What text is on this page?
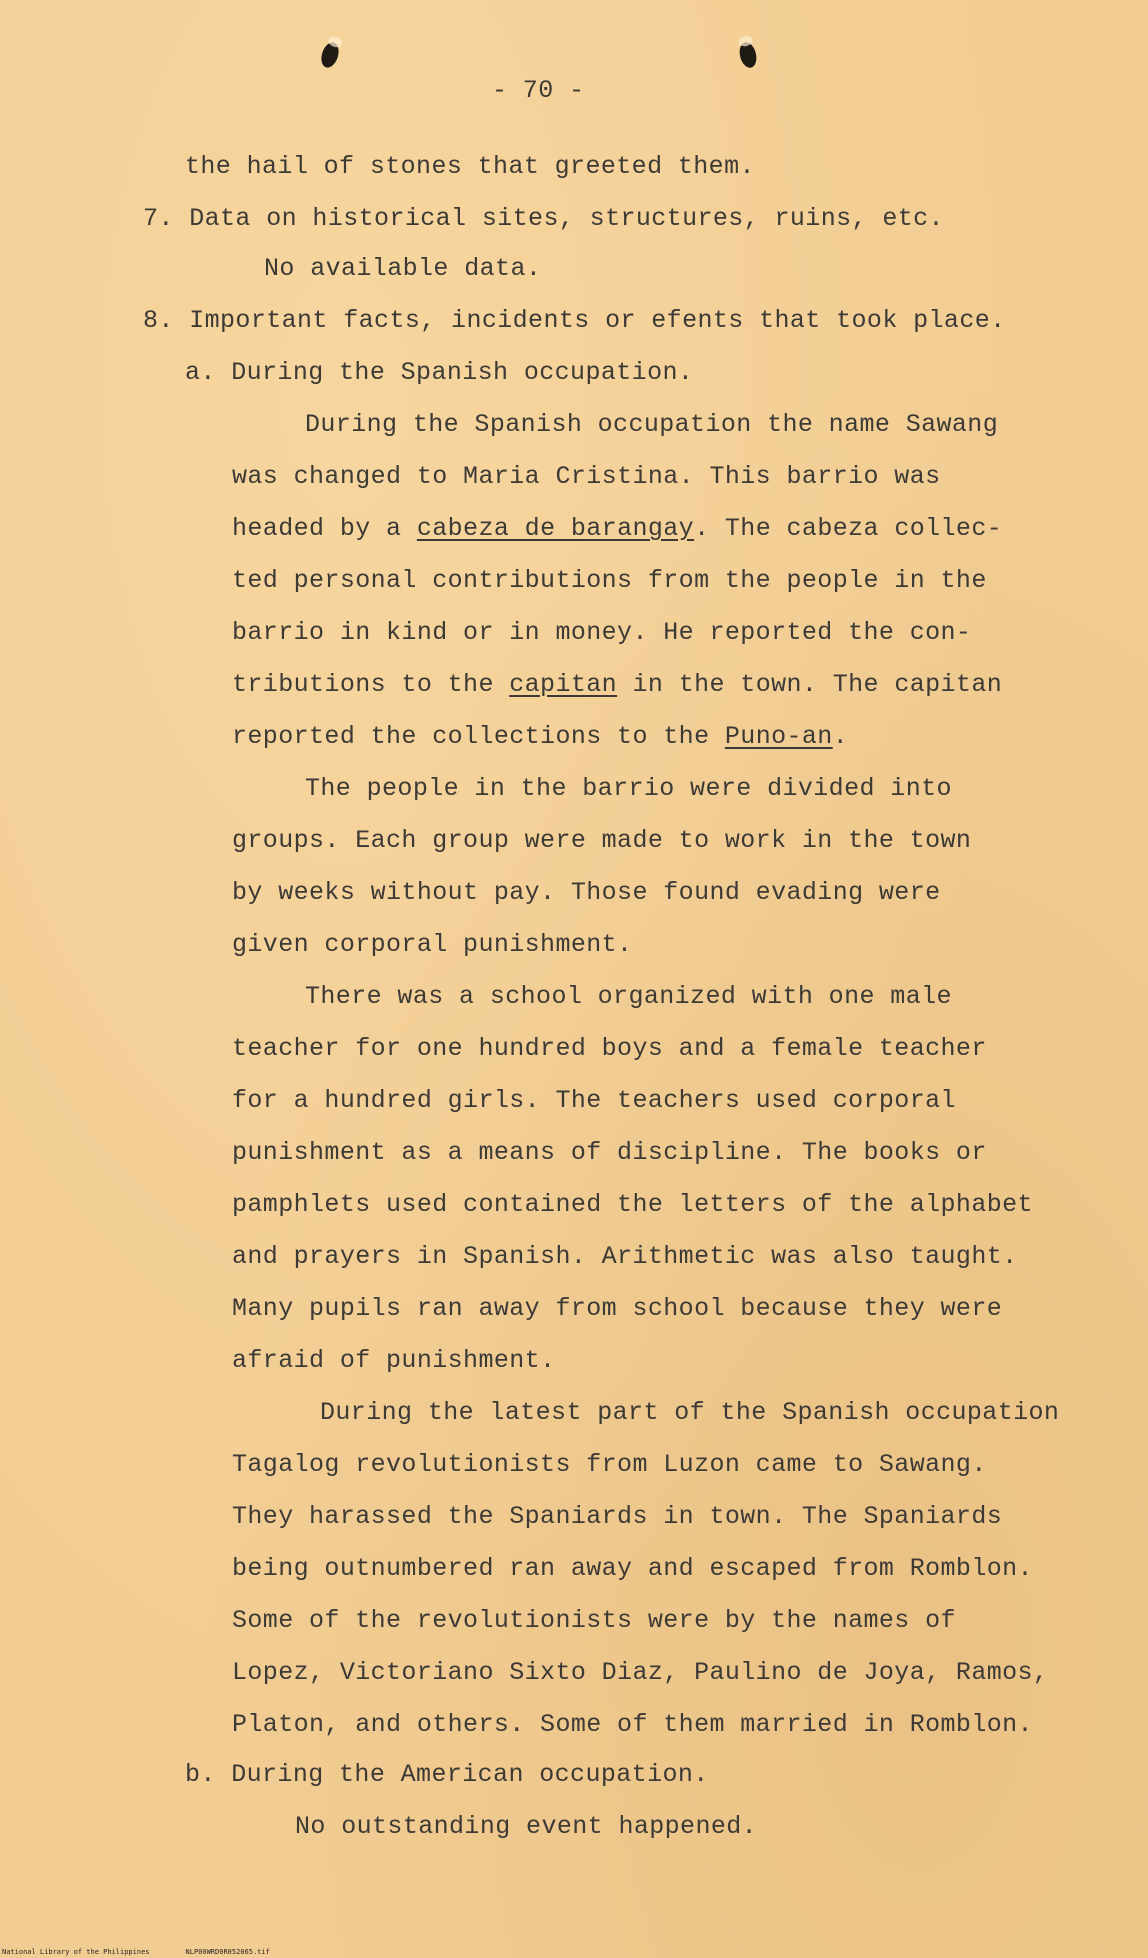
- 70 -

the hail of stones that greeted them.

7. Data on historical sites, structures, ruins, etc.

No available data.

8. Important facts, incidents or efents that took place.

a. During the Spanish occupation.

During the Spanish occupation the name Sawang

was changed to Maria Cristina. This barrio was

headed by a cabeza de barangay. The cabeza collec-

ted personal contributions from the people in the

barrio in kind or in money. He reported the con-

tributions to the capitan in the town. The capitan

reported the collections to the Puno-an.

The people in the barrio were divided into

groups. Each group were made to work in the town

by weeks without pay. Those found evading were

given corporal punishment.

There was a school organized with one male

teacher for one hundred boys and a female teacher

for a hundred girls. The teachers used corporal

punishment as a means of discipline. The books or

pamphlets used contained the letters of the alphabet

and prayers in Spanish. Arithmetic was also taught.

Many pupils ran away from school because they were

afraid of punishment.

During the latest part of the Spanish occupation

Tagalog revolutionists from Luzon came to Sawang.

They harassed the Spaniards in town. The Spaniards

being outnumbered ran away and escaped from Romblon.

Some of the revolutionists were by the names of

Lopez, Victoriano Sixto Diaz, Paulino de Joya, Ramos,

Platon, and others. Some of them married in Romblon.

b. During the American occupation.

No outstanding event happened.

National Library of the Philippines	NLP00WRD0R052065.tif
